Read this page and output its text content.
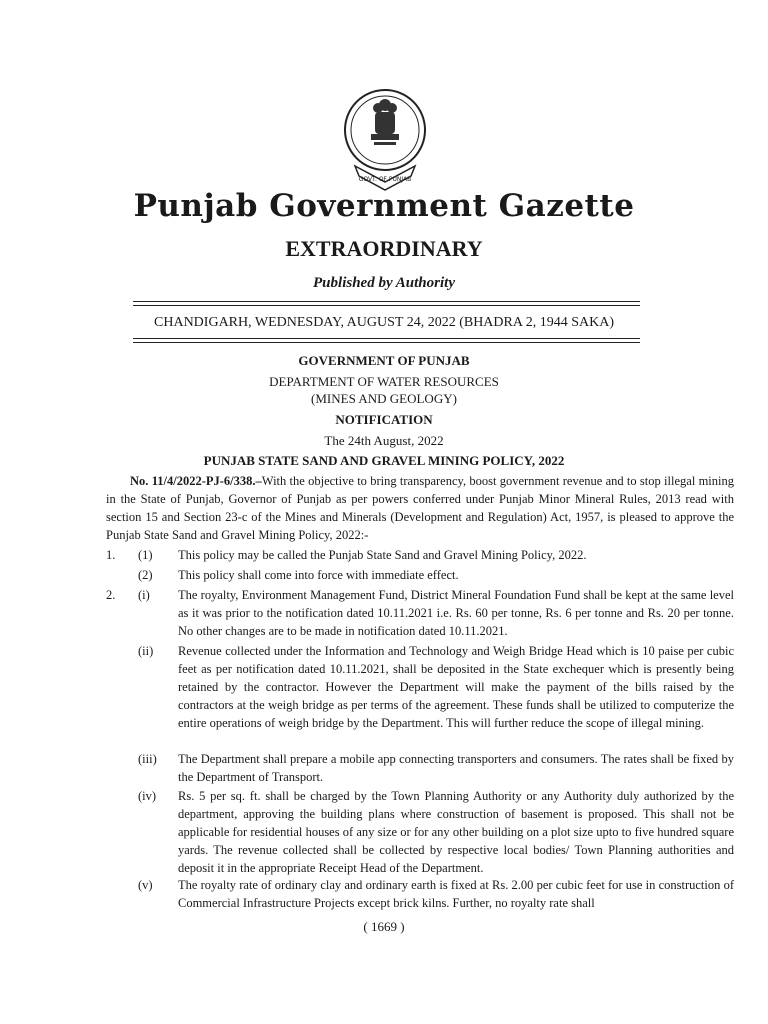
GOVT. OF PUNJAB
Punjab Government Gazette
EXTRAORDINARY
Published by Authority
CHANDIGARH, WEDNESDAY, AUGUST 24, 2022 (BHADRA 2, 1944 SAKA)
GOVERNMENT OF PUNJAB
DEPARTMENT OF WATER RESOURCES
(MINES AND GEOLOGY)
NOTIFICATION
The 24th August, 2022
PUNJAB STATE SAND AND GRAVEL MINING POLICY, 2022
No. 11/4/2022-PJ-6/338.–With the objective to bring transparency, boost government revenue and to stop illegal mining in the State of Punjab, Governor of Punjab as per powers conferred under Punjab Minor Mineral Rules, 2013 read with section 15 and Section 23-c of the Mines and Minerals (Development and Regulation) Act, 1957, is pleased to approve the Punjab State Sand and Gravel Mining Policy, 2022:-
1.	(1)	This policy may be called the Punjab State Sand and Gravel Mining Policy, 2022.
(2)	This policy shall come into force with immediate effect.
2.	(i)	The royalty, Environment Management Fund, District Mineral Foundation Fund shall be kept at the same level as it was prior to the notification dated 10.11.2021 i.e. Rs. 60 per tonne, Rs. 6 per tonne and Rs. 20 per tonne. No other changes are to be made in notification dated 10.11.2021.
(ii)	Revenue collected under the Information and Technology and Weigh Bridge Head which is 10 paise per cubic feet as per notification dated 10.11.2021, shall be deposited in the State exchequer which is presently being retained by the contractor. However the Department will make the payment of the bills raised by the contractors at the weigh bridge as per terms of the agreement. These funds shall be utilized to computerize the entire operations of weigh bridge by the Department. This will further reduce the scope of illegal mining.
(iii)	The Department shall prepare a mobile app connecting transporters and consumers. The rates shall be fixed by the Department of Transport.
(iv)	Rs. 5 per sq. ft. shall be charged by the Town Planning Authority or any Authority duly authorized by the department, approving the building plans where construction of basement is proposed. This shall not be applicable for residential houses of any size or for any other building on a plot size upto to five hundred square yards. The revenue collected shall be collected by respective local bodies/ Town Planning authorities and deposit it in the appropriate Receipt Head of the Department.
(v)	The royalty rate of ordinary clay and ordinary earth is fixed at Rs. 2.00 per cubic feet for use in construction of Commercial Infrastructure Projects except brick kilns. Further, no royalty rate shall
( 1669 )
